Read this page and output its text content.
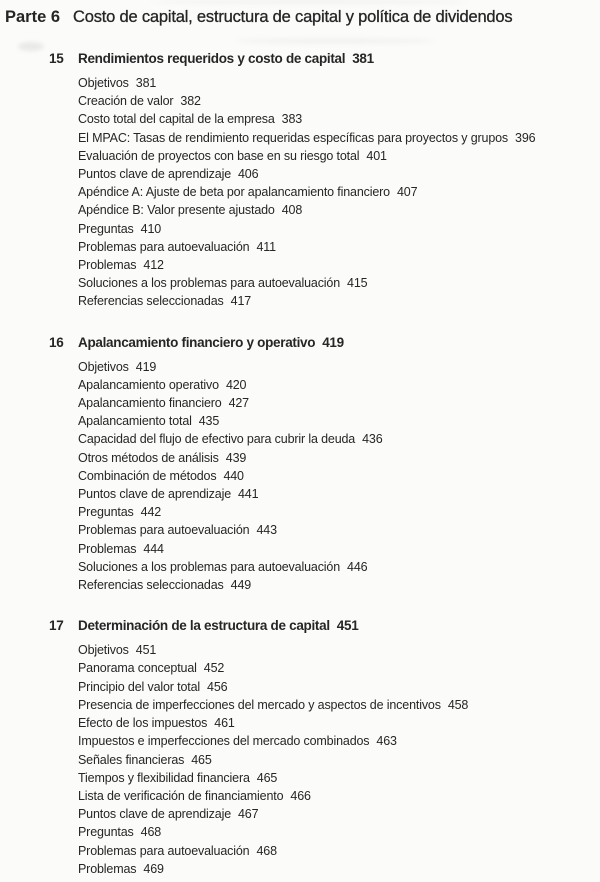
Parte 6 Costo de capital, estructura de capital y política de dividendos
15	Rendimientos requeridos y costo de capital 381
Objetivos 381
Creación de valor 382
Costo total del capital de la empresa 383
El MPAC: Tasas de rendimiento requeridas específicas para proyectos y grupos 396
Evaluación de proyectos con base en su riesgo total 401
Puntos clave de aprendizaje 406
Apéndice A: Ajuste de beta por apalancamiento financiero 407
Apéndice B: Valor presente ajustado 408
Preguntas 410
Problemas para autoevaluación 411
Problemas 412
Soluciones a los problemas para autoevaluación 415
Referencias seleccionadas 417
16	Apalancamiento financiero y operativo 419
Objetivos 419
Apalancamiento operativo 420
Apalancamiento financiero 427
Apalancamiento total 435
Capacidad del flujo de efectivo para cubrir la deuda 436
Otros métodos de análisis 439
Combinación de métodos 440
Puntos clave de aprendizaje 441
Preguntas 442
Problemas para autoevaluación 443
Problemas 444
Soluciones a los problemas para autoevaluación 446
Referencias seleccionadas 449
17	Determinación de la estructura de capital 451
Objetivos 451
Panorama conceptual 452
Principio del valor total 456
Presencia de imperfecciones del mercado y aspectos de incentivos 458
Efecto de los impuestos 461
Impuestos e imperfecciones del mercado combinados 463
Señales financieras 465
Tiempos y flexibilidad financiera 465
Lista de verificación de financiamiento 466
Puntos clave de aprendizaje 467
Preguntas 468
Problemas para autoevaluación 468
Problemas 469
